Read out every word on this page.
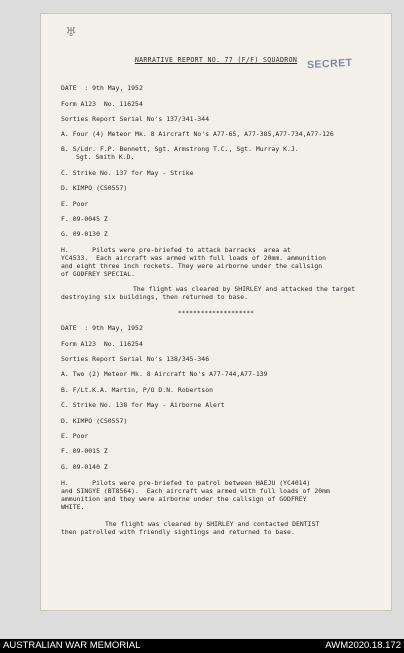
♅
NARRATIVE REPORT NO. 77 (F/F) SQUADRON SECRET
DATE  : 9th May, 1952
Form A123  No. 116254
Sorties Report Serial No's 137/341-344
A. Four (4) Meteor Mk. 8 Aircraft No's A77-65, A77-385,A77-734,A77-126
B. S/Ldr. F.P. Bennett, Sgt. Armstrong T.C., Sgt. Murray K.J.
Sgt. Smith K.D.
C. Strike No. 137 for May - Strike
D. KIMPO (CS0557)
E. Poor
F. 09-0045 Z
G. 09-0130 Z
H.      Pilots were pre-briefed to attack barracks  area at
YC4533.  Each aircraft was armed with full loads of 20mm. ammunition
and eight three inch rockets. They were airborne under the callsign
of GODFREY SPECIAL.
The flight was cleared by SHIRLEY and attacked the target
destroying six buildings, then returned to base.
********************
DATE  : 9th May, 1952
Form A123  No. 116254
Sorties Report Serial No's 138/345-346
A. Two (2) Meteor Mk. 8 Aircraft No's A77-744,A77-139
B. F/Lt.K.A. Martin, P/O D.N. Robertson
C. Strike No. 138 for May - Airborne Alert
D. KIMPO (CS0557)
E. Poor
F. 09-0015 Z
G. 09-0140 Z
H.      Pilots were pre-briefed to patrol between HAEJU (YC4014)
and SINGYE (BT8564).  Each aircraft was armed with full loads of 20mm
ammunition and they were airborne under the callsign of GODFREY
WHITE.
The flight was cleared by SHIRLEY and contacted DENTIST
then patrolled with friendly sightings and returned to base.
AUSTRALIAN WAR MEMORIAL	AWM2020.18.172
